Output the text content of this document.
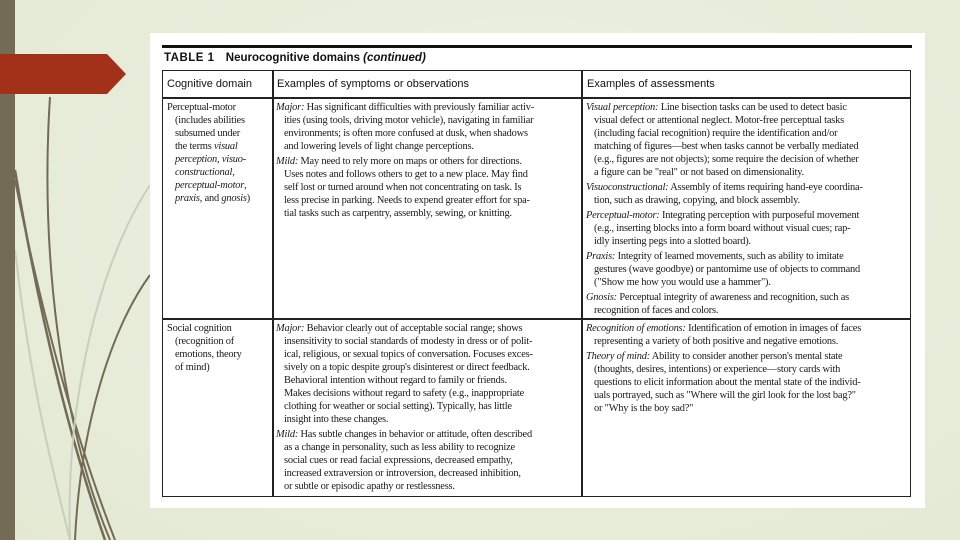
TABLE 1 Neurocognitive domains (continued)
Cognitive domain Examples of symptoms or observations	Examples of assessments
Perceptual-motor
(includes abilities
subsumed under
the terms visual
perception, visuo-
constructional,
perceptual-motor,
praxis, and gnosis)
Major: Has significant difficulties with previously familiar activ-
ities (using tools, driving motor vehicle), navigating in familiar
environments; is often more confused at dusk, when shadows
and lowering levels of light change perceptions.
Mild: May need to rely more on maps or others for directions.
Uses notes and follows others to get to a new place. May find
self lost or turned around when not concentrating on task. Is
less precise in parking. Needs to expend greater effort for spa-
tial tasks such as carpentry, assembly, sewing, or knitting.
Visual perception: Line bisection tasks can be used to detect basic
visual defect or attentional neglect. Motor-free perceptual tasks
(including facial recognition) require the identification and/or
matching of figures—best when tasks cannot be verbally mediated
(e.g., figures are not objects); some require the decision of whether
a figure can be "real" or not based on dimensionality.
Visuoconstructional: Assembly of items requiring hand-eye coordina-
tion, such as drawing, copying, and block assembly.
Perceptual-motor: Integrating perception with purposeful movement
(e.g., inserting blocks into a form board without visual cues; rap-
idly inserting pegs into a slotted board).
Praxis: Integrity of learned movements, such as ability to imitate
gestures (wave goodbye) or pantomime use of objects to command
("Show me how you would use a hammer").
Gnosis: Perceptual integrity of awareness and recognition, such as
recognition of faces and colors.
Social cognition
(recognition of
emotions, theory
of mind)
Major: Behavior clearly out of acceptable social range; shows
insensitivity to social standards of modesty in dress or of polit-
ical, religious, or sexual topics of conversation. Focuses exces-
sively on a topic despite group's disinterest or direct feedback.
Behavioral intention without regard to family or friends.
Makes decisions without regard to safety (e.g., inappropriate
clothing for weather or social setting). Typically, has little
insight into these changes.
Mild: Has subtle changes in behavior or attitude, often described
as a change in personality, such as less ability to recognize
social cues or read facial expressions, decreased empathy,
increased extraversion or introversion, decreased inhibition,
or subtle or episodic apathy or restlessness.
Recognition of emotions: Identification of emotion in images of faces
representing a variety of both positive and negative emotions.
Theory of mind: Ability to consider another person's mental state
(thoughts, desires, intentions) or experience—story cards with
questions to elicit information about the mental state of the individ-
uals portrayed, such as "Where will the girl look for the lost bag?"
or "Why is the boy sad?"
